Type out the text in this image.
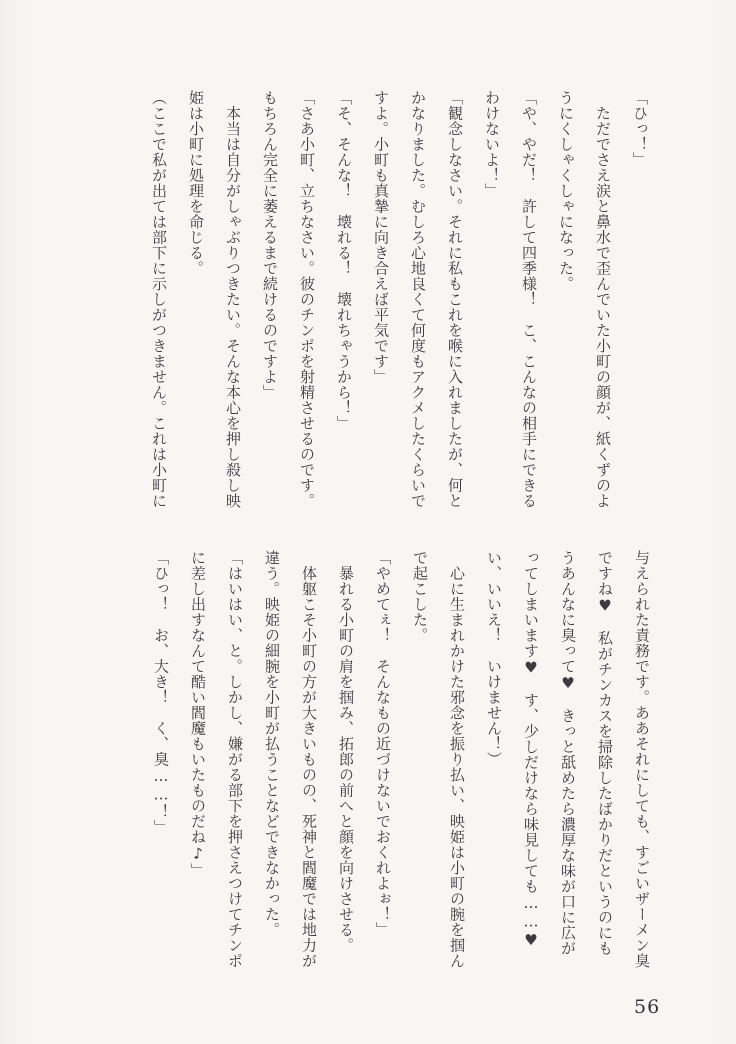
「ひっ！」
　ただでさえ涙と鼻水で歪んでいた小町の顔が、紙くずのよ
うにくしゃくしゃになった。
「や、やだ！　許して四季様！　こ、こんなの相手にできる
わけないよ！」
「観念しなさい。それに私もこれを喉に入れましたが、何と
かなりました。むしろ心地良くて何度もアクメしたくらいで
すよ。小町も真摯に向き合えば平気です」
「そ、そんな！　壊れる！　壊れちゃうから！」
「さあ小町、立ちなさい。彼のチンポを射精させるのです。
もちろん完全に萎えるまで続けるのですよ」
　本当は自分がしゃぶりつきたい。そんな本心を押し殺し映
姫は小町に処理を命じる。
（ここで私が出ては部下に示しがつきません。これは小町に
与えられた責務です。ああそれにしても、すごいザーメン臭
ですね♥　私がチンカスを掃除したばかりだというのにも
うあんなに臭って♥　きっと舐めたら濃厚な味が口に広が
ってしまいます♥　す、少しだけなら味見しても……♥
い、いいえ！　いけません！）
　心に生まれかけた邪念を振り払い、映姫は小町の腕を掴ん
で起こした。
「やめてぇ！　そんなもの近づけないでおくれよぉ！」
　暴れる小町の肩を掴み、拓郎の前へと顔を向けさせる。
　体躯こそ小町の方が大きいものの、死神と閻魔では地力が
違う。映姫の細腕を小町が払うことなどできなかった。
「はいはい、と。しかし、嫌がる部下を押さえつけてチンポ
に差し出すなんて酷い閻魔もいたものだね♪」
「ひっ！　お、大き！　く、臭……！」
56
